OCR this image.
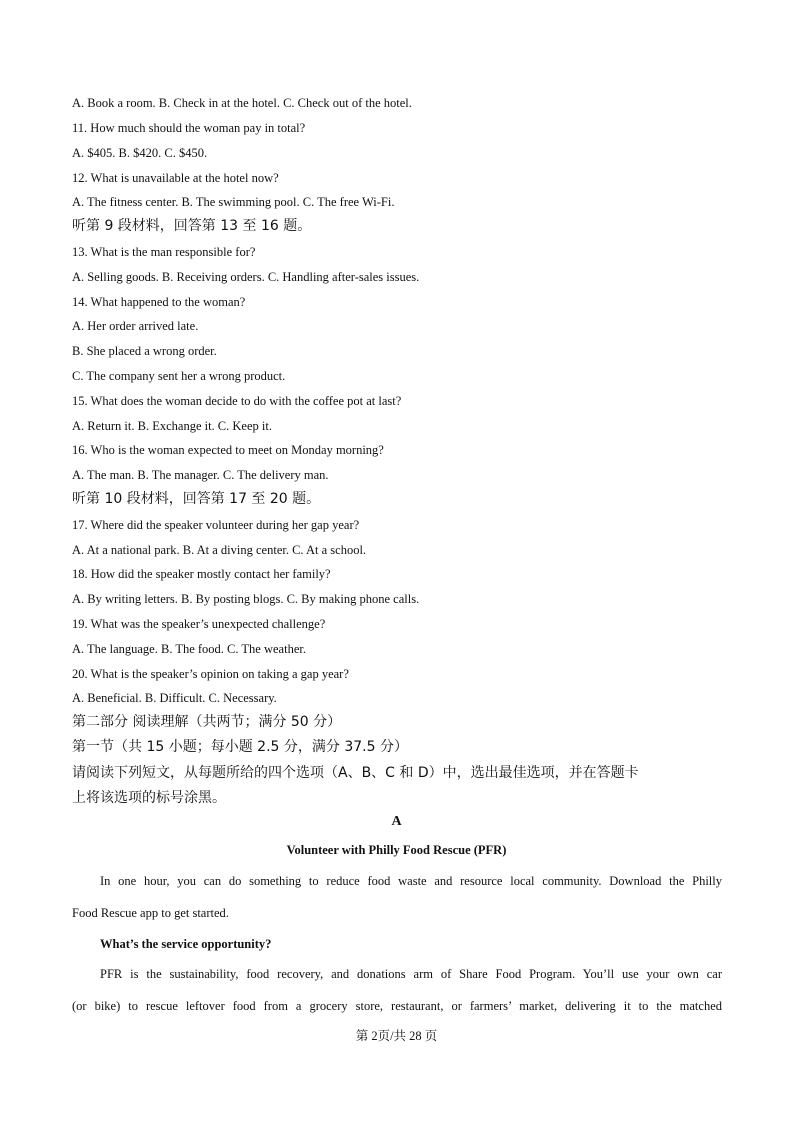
A. Book a room. B. Check in at the hotel. C. Check out of the hotel.
11. How much should the woman pay in total?
A. $405. B. $420. C. $450.
12. What is unavailable at the hotel now?
A. The fitness center. B. The swimming pool. C. The free Wi-Fi.
听第 9 段材料，回答第 13 至 16 题。
13. What is the man responsible for?
A. Selling goods. B. Receiving orders. C. Handling after-sales issues.
14. What happened to the woman?
A. Her order arrived late.
B. She placed a wrong order.
C. The company sent her a wrong product.
15. What does the woman decide to do with the coffee pot at last?
A. Return it. B. Exchange it. C. Keep it.
16. Who is the woman expected to meet on Monday morning?
A. The man. B. The manager. C. The delivery man.
听第 10 段材料，回答第 17 至 20 题。
17. Where did the speaker volunteer during her gap year?
A. At a national park. B. At a diving center. C. At a school.
18. How did the speaker mostly contact her family?
A. By writing letters. B. By posting blogs. C. By making phone calls.
19. What was the speaker’s unexpected challenge?
A. The language. B. The food. C. The weather.
20. What is the speaker’s opinion on taking a gap year?
A. Beneficial. B. Difficult. C. Necessary.
第二部分 阅读理解（共两节；满分 50 分）
第一节（共 15 小题；每小题 2.5 分，满分 37.5 分）
请阅读下列短文，从每题所给的四个选项（A、B、C 和 D）中，选出最佳选项，并在答题卡
上将该选项的标号涂黑。
A
Volunteer with Philly Food Rescue (PFR)
In one hour, you can do something to reduce food waste and resource local community. Download the Philly
Food Rescue app to get started.
What’s the service opportunity?
PFR is the sustainability, food recovery, and donations arm of Share Food Program. You’ll use your own car
(or bike) to rescue leftover food from a grocery store, restaurant, or farmers’ market, delivering it to the matched
第 2页/共 28 页
